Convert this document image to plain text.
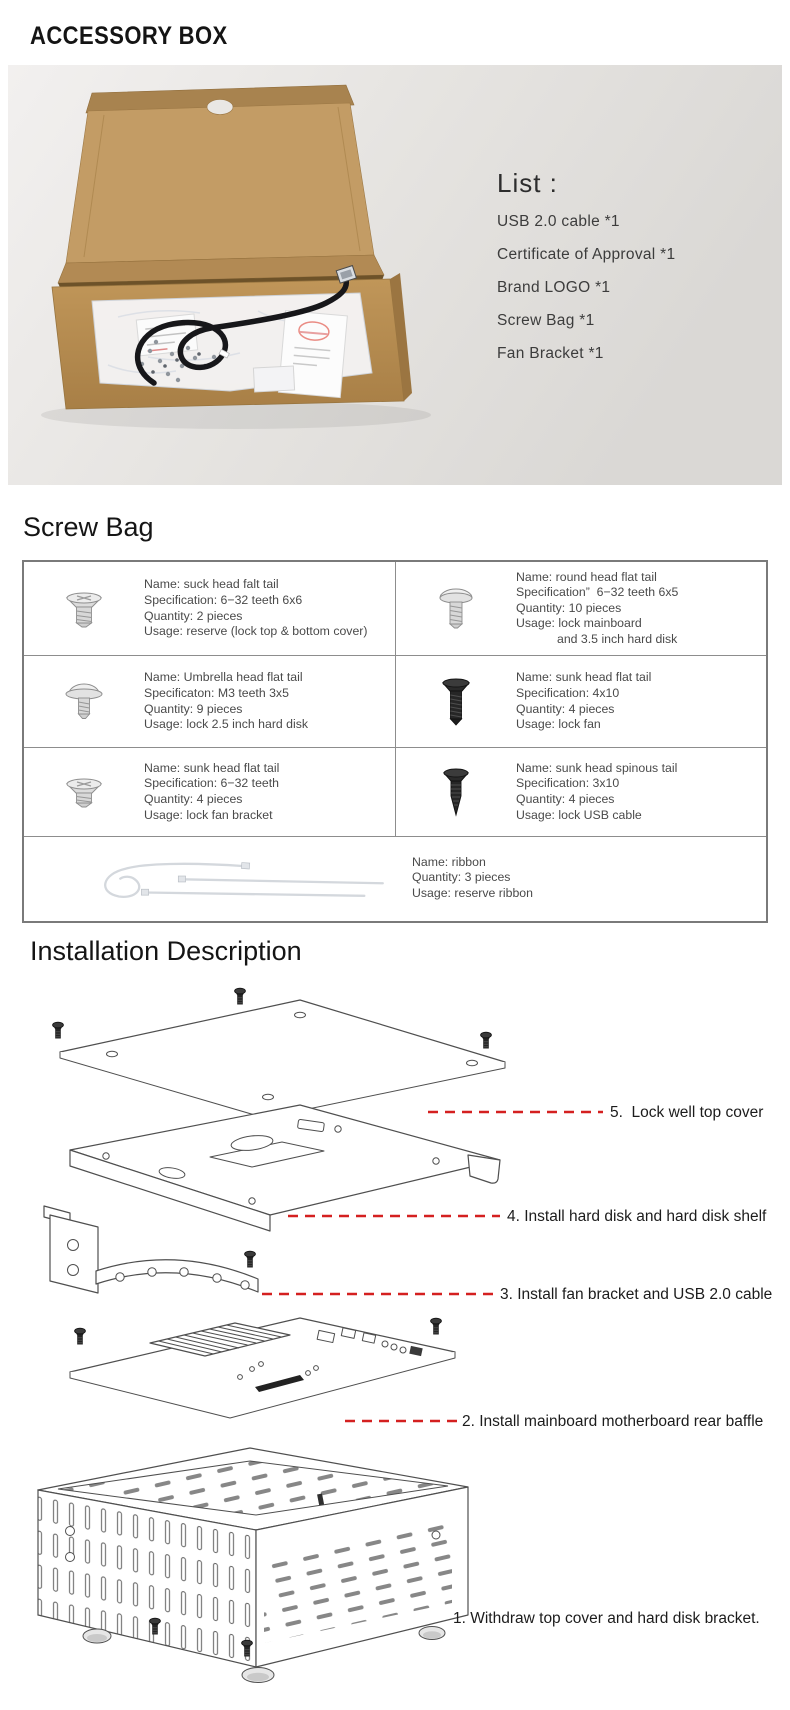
ACCESSORY BOX
List :
USB 2.0 cable *1
Certificate of Approval *1
Brand LOGO *1
Screw Bag *1
Fan Bracket *1
Screw Bag
Name: suck head falt tail
Specification: 6−32 teeth 6x6
Quantity: 2 pieces
Usage: reserve (lock top & bottom cover)
Name: round head flat tail
Specification”  6−32 teeth 6x5
Quantity: 10 pieces
Usage: lock mainboard
and 3.5 inch hard disk
Name: Umbrella head flat tail
Specificaton: M3 teeth 3x5
Quantity: 9 pieces
Usage: lock 2.5 inch hard disk
Name: sunk head flat tail
Specification: 4x10
Quantity: 4 pieces
Usage: lock fan
Name: sunk head flat tail
Specification: 6−32 teeth
Quantity: 4 pieces
Usage: lock fan bracket
Name: sunk head spinous tail
Specification: 3x10
Quantity: 4 pieces
Usage: lock USB cable
Name: ribbon
Quantity: 3 pieces
Usage: reserve ribbon
Installation Description
5.  Lock well top cover
4. Install hard disk and hard disk shelf
3. Install fan bracket and USB 2.0 cable
2. Install mainboard motherboard rear baffle
1. Withdraw top cover and hard disk bracket.
